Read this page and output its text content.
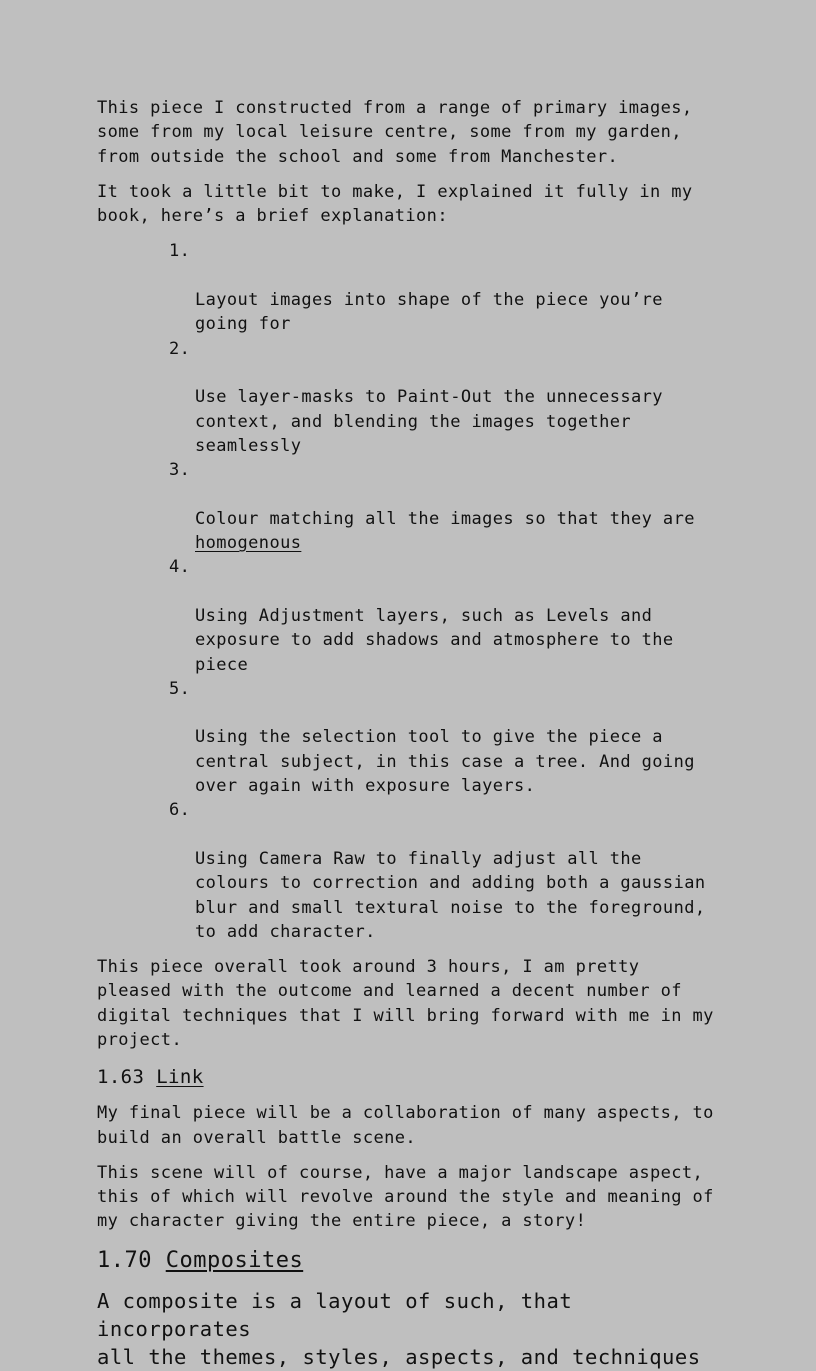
This piece I constructed from a range of primary images,
some from my local leisure centre, some from my garden,
from outside the school and some from Manchester.

It took a little bit to make, I explained it fully in my
book, here’s a brief explanation:

1.

Layout images into shape of the piece you’re
going for

2.

Use layer-masks to Paint-Out the unnecessary
context, and blending the images together
seamlessly

3.

Colour matching all the images so that they are
homogenous

4.

Using Adjustment layers, such as Levels and
exposure to add shadows and atmosphere to the
piece

5.

Using the selection tool to give the piece a
central subject, in this case a tree. And going
over again with exposure layers.

6.

Using Camera Raw to finally adjust all the
colours to correction and adding both a gaussian
blur and small textural noise to the foreground,
to add character.

This piece overall took around 3 hours, I am pretty
pleased with the outcome and learned a decent number of
digital techniques that I will bring forward with me in my
project.

1.63 Link

My final piece will be a collaboration of many aspects, to
build an overall battle scene.

This scene will of course, have a major landscape aspect,
this of which will revolve around the style and meaning of
my character giving the entire piece, a story!

1.70 Composites

A composite is a layout of such, that incorporates
all the themes, styles, aspects, and techniques
